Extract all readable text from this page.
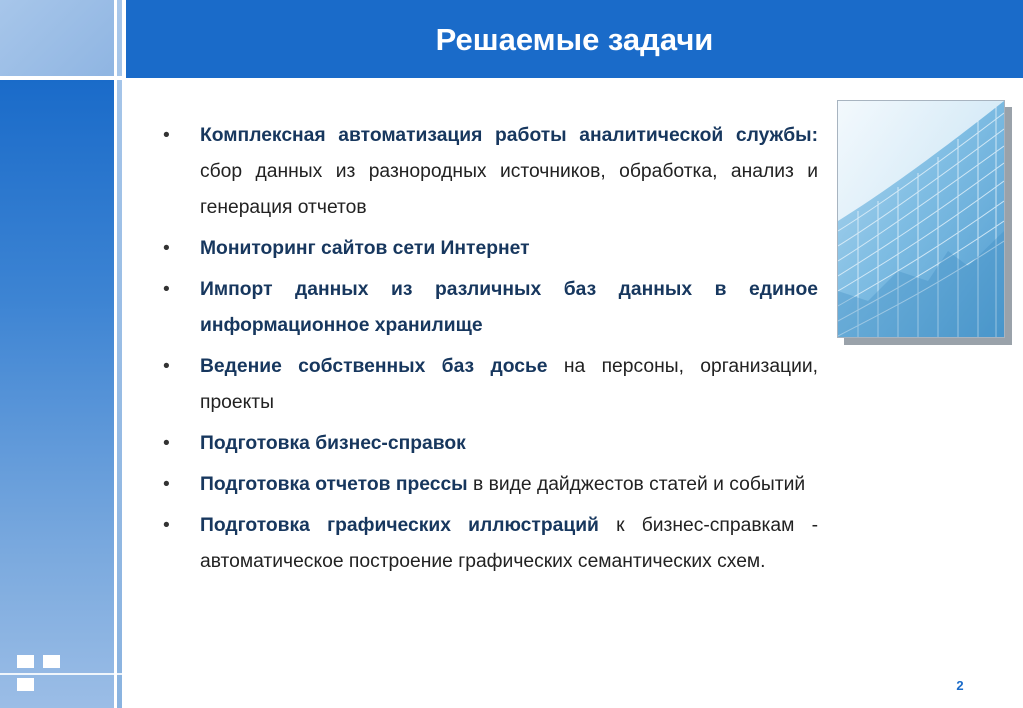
Решаемые задачи
•	Комплексная автоматизация работы аналитической службы: сбор данных из разнородных источников, обработка, анализ и генерация отчетов
•	Мониторинг сайтов сети Интернет
•	Импорт данных из различных баз данных в единое информационное хранилище
•	Ведение собственных баз досье на персоны, организации, проекты
•	Подготовка бизнес-справок
•	Подготовка отчетов прессы в виде дайджестов статей и событий
•	Подготовка графических иллюстраций к бизнес-справкам - автоматическое построение графических семантических схем.
2
